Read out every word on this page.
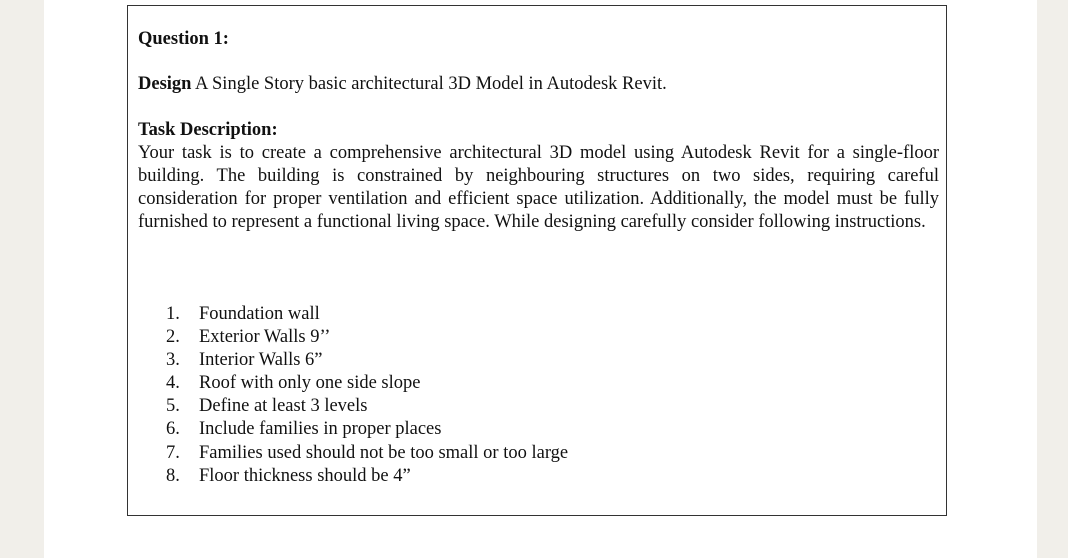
Question 1:

Design A Single Story basic architectural 3D Model in Autodesk Revit.

Task Description:

Your task is to create a comprehensive architectural 3D model using Autodesk Revit for a single-floor building. The building is constrained by neighbouring structures on two sides, requiring careful consideration for proper ventilation and efficient space utilization. Additionally, the model must be fully furnished to represent a functional living space. While designing carefully consider following instructions.

1.	Foundation wall
2.	Exterior Walls 9’’
3.	Interior Walls 6”
4.	Roof with only one side slope
5.	Define at least 3 levels
6.	Include families in proper places
7.	Families used should not be too small or too large
8.	Floor thickness should be 4”
